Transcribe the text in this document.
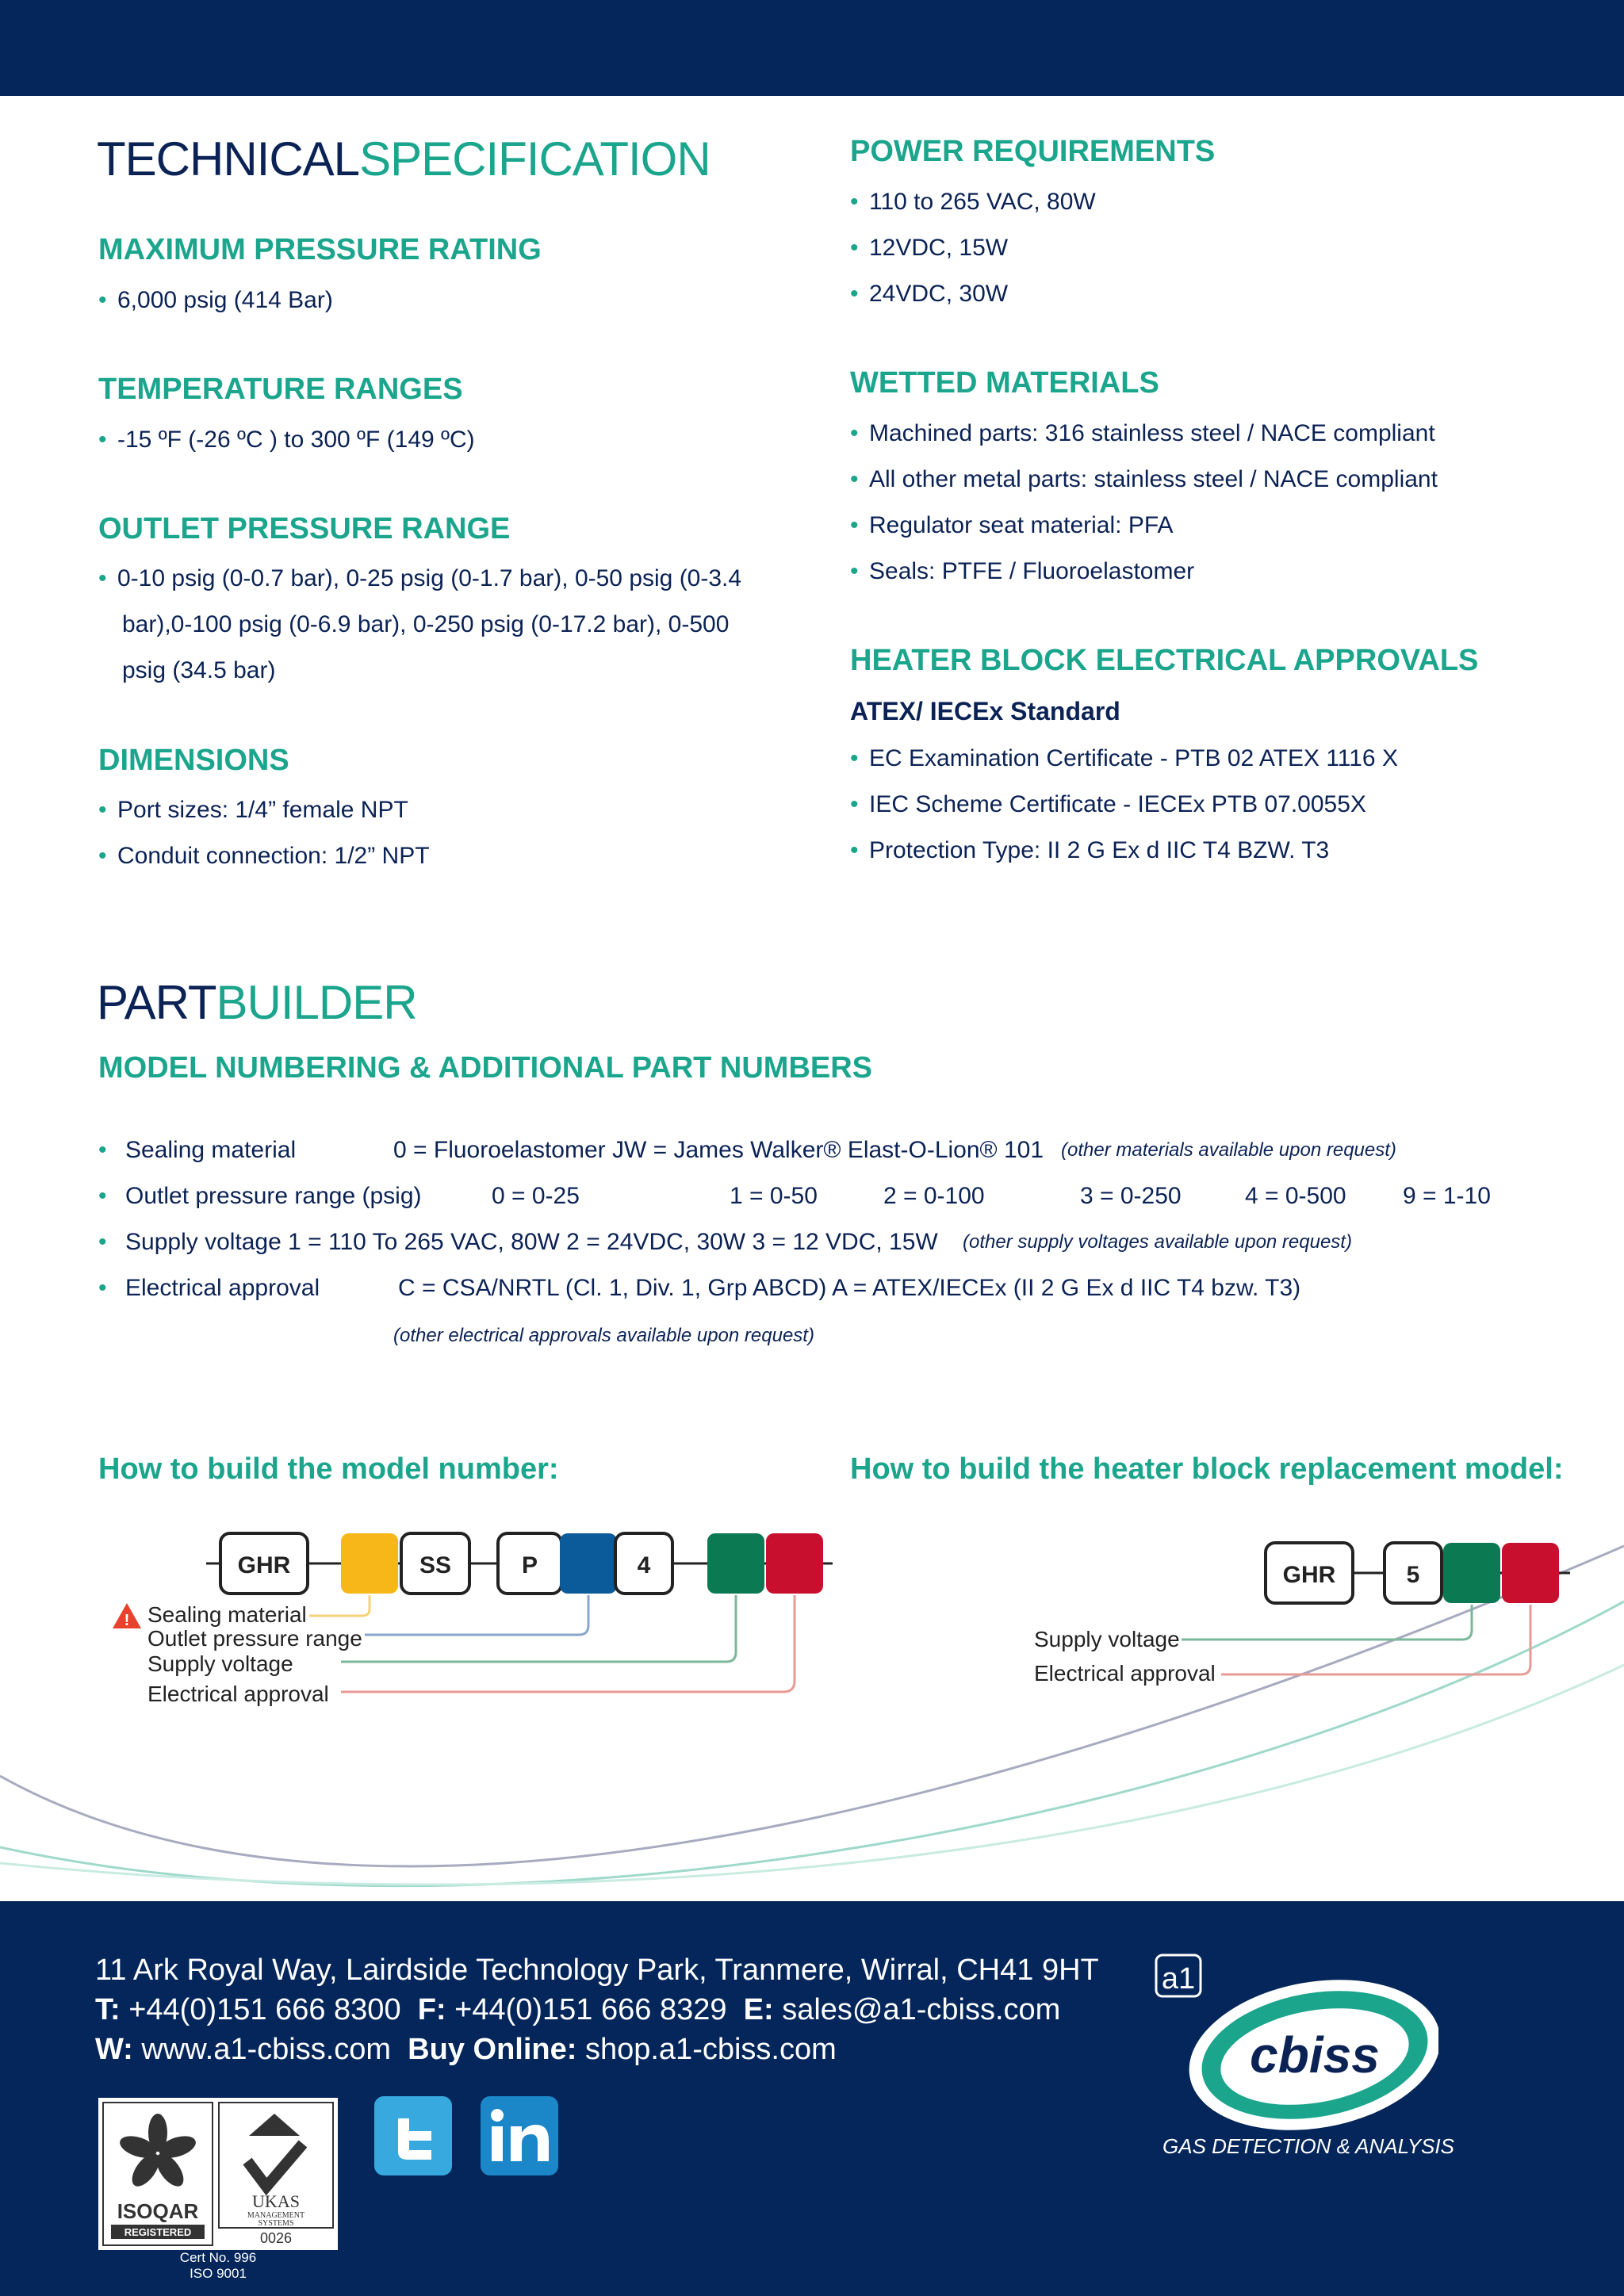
TECHNICALSPECIFICATION
MAXIMUM PRESSURE RATING
• 6,000 psig (414 Bar)
TEMPERATURE RANGES
• -15 ºF (-26 ºC ) to 300 ºF (149 ºC)
OUTLET PRESSURE RANGE
• 0-10 psig (0-0.7 bar), 0-25 psig (0-1.7 bar), 0-50 psig (0-3.4
bar),0-100 psig (0-6.9 bar), 0-250 psig (0-17.2 bar), 0-500
psig (34.5 bar)
DIMENSIONS
• Port sizes: 1/4” female NPT
• Conduit connection: 1/2” NPT
POWER REQUIREMENTS
• 110 to 265 VAC, 80W
• 12VDC, 15W
• 24VDC, 30W
WETTED MATERIALS
• Machined parts: 316 stainless steel / NACE compliant
• All other metal parts: stainless steel / NACE compliant
• Regulator seat material: PFA
• Seals: PTFE / Fluoroelastomer
HEATER BLOCK ELECTRICAL APPROVALS
ATEX/ IECEx Standard
• EC Examination Certificate - PTB 02 ATEX 1116 X
• IEC Scheme Certificate - IECEx PTB 07.0055X
• Protection Type: II 2 G Ex d IIC T4 BZW. T3
PARTBUILDER
MODEL NUMBERING & ADDITIONAL PART NUMBERS
• Sealing material	0 = Fluoroelastomer JW = James Walker® Elast-O-Lion® 101 (other materials available upon request)
• Outlet pressure range (psig)	0 = 0-25	1 = 0-50	2 = 0-100	3 = 0-250	4 = 0-500 9 = 1-10
• Supply voltage 1 = 110 To 265 VAC, 80W 2 = 24VDC, 30W 3 = 12 VDC, 15W (other supply voltages available upon request)
• Electrical approval	C = CSA/NRTL (Cl. 1, Div. 1, Grp ABCD) A = ATEX/IECEx (II 2 G Ex d IIC T4 bzw. T3)
(other electrical approvals available upon request)
How to build the model number:
GHR	SS	P	4
! Sealing material
Outlet pressure range
Supply voltage
Electrical approval
How to build the heater block replacement model:
GHR	5
Supply voltage
Electrical approval
11 Ark Royal Way, Lairdside Technology Park, Tranmere, Wirral, CH41 9HT
T: +44(0)151 666 8300 F: +44(0)151 666 8329 E: sales@a1-cbiss.com
W: www.a1-cbiss.com Buy Online: shop.a1-cbiss.com
ISOQAR
REGISTERED
UKAS
MANAGEMENT
SYSTEMS
0026
Cert No. 996
ISO 9001
a1
cbiss
GAS DETECTION & ANALYSIS
